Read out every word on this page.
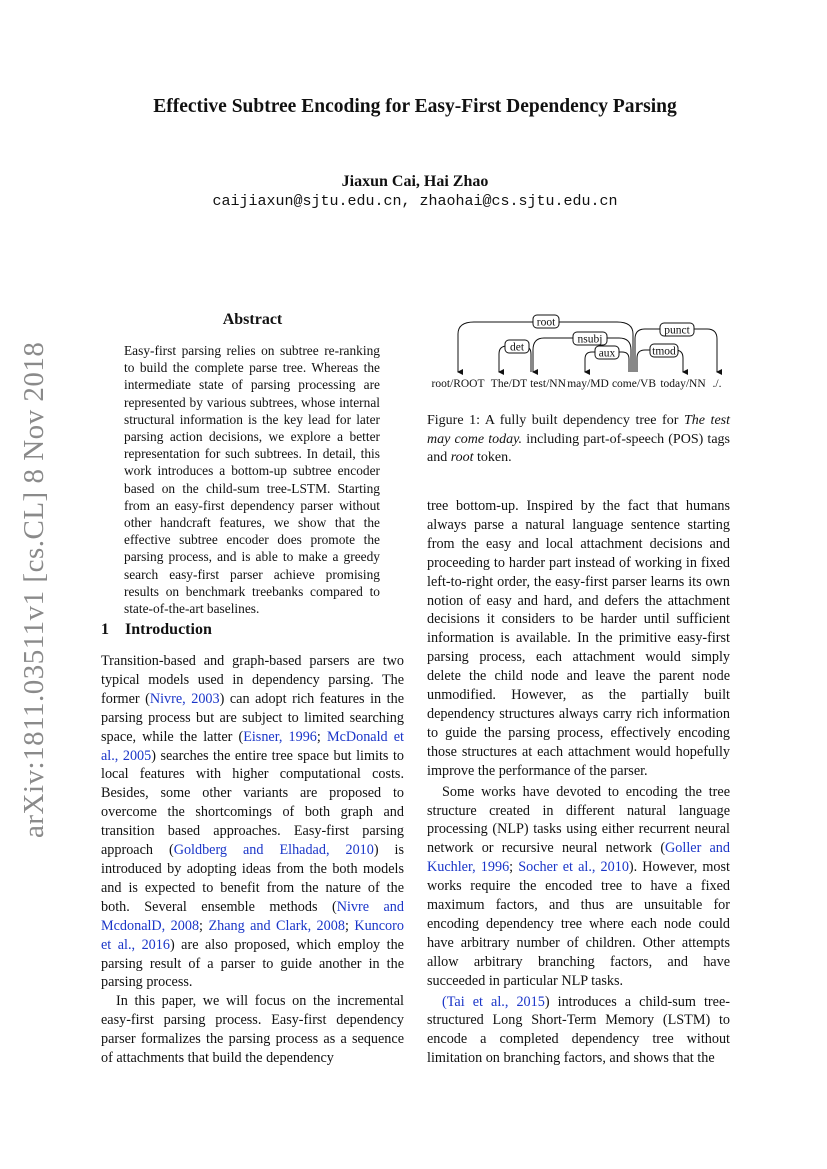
arXiv:1811.03511v1 [cs.CL] 8 Nov 2018
Effective Subtree Encoding for Easy-First Dependency Parsing
Jiaxun Cai, Hai Zhao
caijiaxun@sjtu.edu.cn, zhaohai@cs.sjtu.edu.cn
Abstract
Easy-first parsing relies on subtree re-ranking to build the complete parse tree. Whereas the intermediate state of parsing processing are represented by various subtrees, whose internal structural information is the key lead for later parsing action decisions, we explore a better representation for such subtrees. In detail, this work introduces a bottom-up subtree encoder based on the child-sum tree-LSTM. Starting from an easy-first dependency parser without other handcraft features, we show that the effective subtree encoder does promote the parsing process, and is able to make a greedy search easy-first parser achieve promising results on benchmark treebanks compared to state-of-the-art baselines.
1 Introduction

Transition-based and graph-based parsers are two typical models used in dependency parsing. The former (Nivre, 2003) can adopt rich features in the parsing process but are subject to limited searching space, while the latter (Eisner, 1996; McDonald et al., 2005) searches the entire tree space but limits to local features with higher computational costs. Besides, some other variants are proposed to overcome the shortcomings of both graph and transition based approaches. Easy-first parsing approach (Goldberg and Elhadad, 2010) is introduced by adopting ideas from the both models and is expected to benefit from the nature of the both. Several ensemble methods (Nivre and McdonalD, 2008; Zhang and Clark, 2008; Kuncoro et al., 2016) are also proposed, which employ the parsing result of a parser to guide another in the parsing process.

In this paper, we will focus on the incremental easy-first parsing process. Easy-first dependency parser formalizes the parsing process as a sequence of attachments that build the dependency

root
det
nsubj
aux
punct
tmod
root/ROOT The/DT test/NN may/MD come/VB today/NN ./.
Figure 1: A fully built dependency tree for The test may come today. including part-of-speech (POS) tags and root token.

tree bottom-up. Inspired by the fact that humans always parse a natural language sentence starting from the easy and local attachment decisions and proceeding to harder part instead of working in fixed left-to-right order, the easy-first parser learns its own notion of easy and hard, and defers the attachment decisions it considers to be harder until sufficient information is available. In the primitive easy-first parsing process, each attachment would simply delete the child node and leave the parent node unmodified. However, as the partially built dependency structures always carry rich information to guide the parsing process, effectively encoding those structures at each attachment would hopefully improve the performance of the parser.

Some works have devoted to encoding the tree structure created in different natural language processing (NLP) tasks using either recurrent neural network or recursive neural network (Goller and Kuchler, 1996; Socher et al., 2010). However, most works require the encoded tree to have a fixed maximum factors, and thus are unsuitable for encoding dependency tree where each node could have arbitrary number of children. Other attempts allow arbitrary branching factors, and have succeeded in particular NLP tasks.

(Tai et al., 2015) introduces a child-sum tree-structured Long Short-Term Memory (LSTM) to encode a completed dependency tree without limitation on branching factors, and shows that the
